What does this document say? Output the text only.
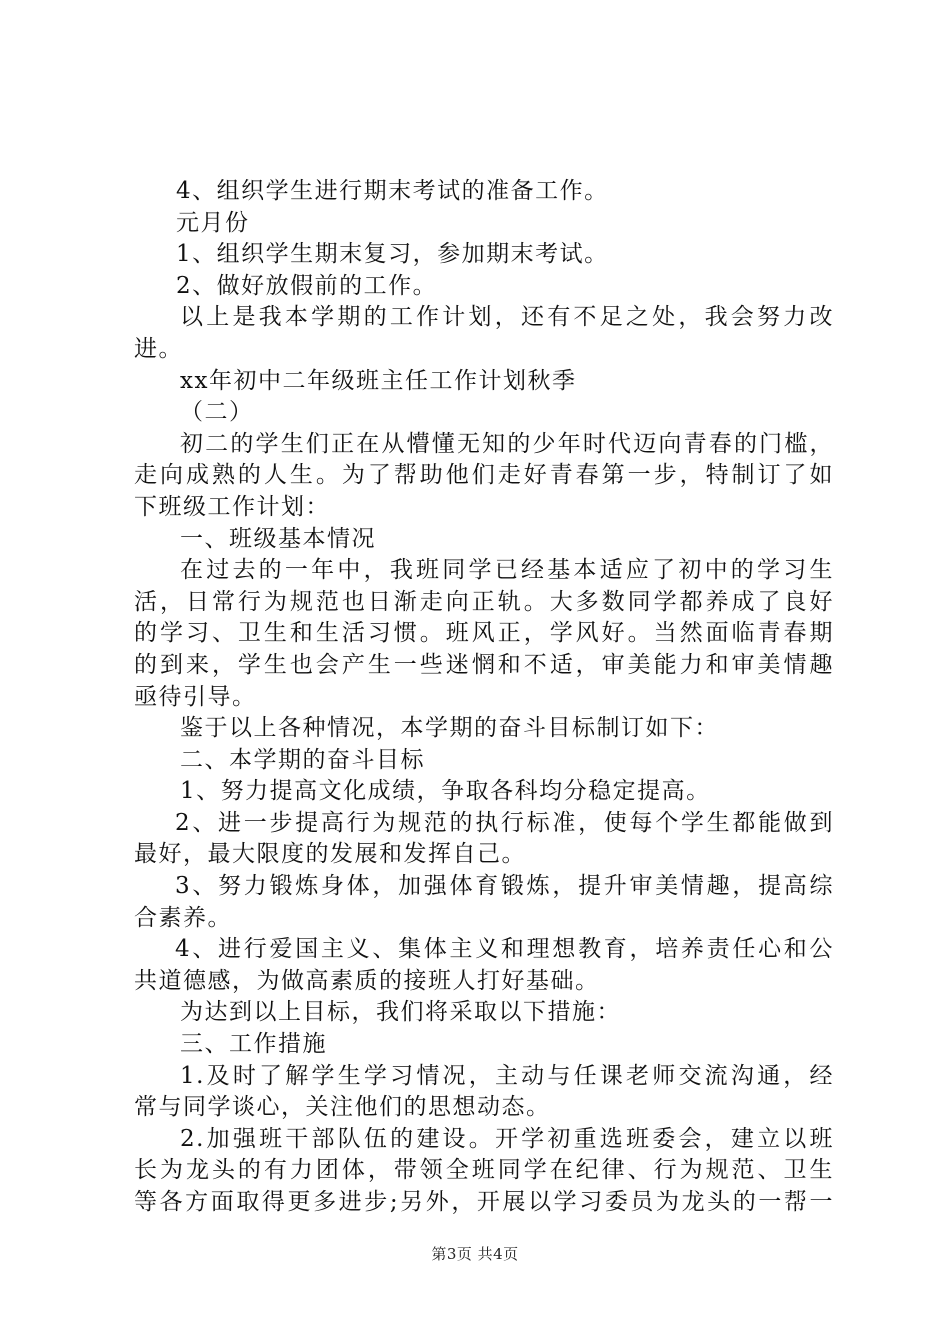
4、组织学生进行期末考试的准备工作。
元月份
1、组织学生期末复习，参加期末考试。
2、做好放假前的工作。
以上是我本学期的工作计划，还有不足之处，我会努力改
进。
xx年初中二年级班主任工作计划秋季
（二）
初二的学生们正在从懵懂无知的少年时代迈向青春的门槛，
走向成熟的人生。为了帮助他们走好青春第一步，特制订了如
下班级工作计划：
一、班级基本情况
在过去的一年中，我班同学已经基本适应了初中的学习生
活，日常行为规范也日渐走向正轨。大多数同学都养成了良好
的学习、卫生和生活习惯。班风正，学风好。当然面临青春期
的到来，学生也会产生一些迷惘和不适，审美能力和审美情趣
亟待引导。
鉴于以上各种情况，本学期的奋斗目标制订如下：
二、本学期的奋斗目标
1、努力提高文化成绩，争取各科均分稳定提高。
2、进一步提高行为规范的执行标准，使每个学生都能做到
最好，最大限度的发展和发挥自己。
3、努力锻炼身体，加强体育锻炼，提升审美情趣，提高综
合素养。
4、进行爱国主义、集体主义和理想教育，培养责任心和公
共道德感，为做高素质的接班人打好基础。
为达到以上目标，我们将采取以下措施：
三、工作措施
1.及时了解学生学习情况，主动与任课老师交流沟通，经
常与同学谈心，关注他们的思想动态。
2.加强班干部队伍的建设。开学初重选班委会，建立以班
长为龙头的有力团体，带领全班同学在纪律、行为规范、卫生
等各方面取得更多进步;另外，开展以学习委员为龙头的一帮一
第3页 共4页
